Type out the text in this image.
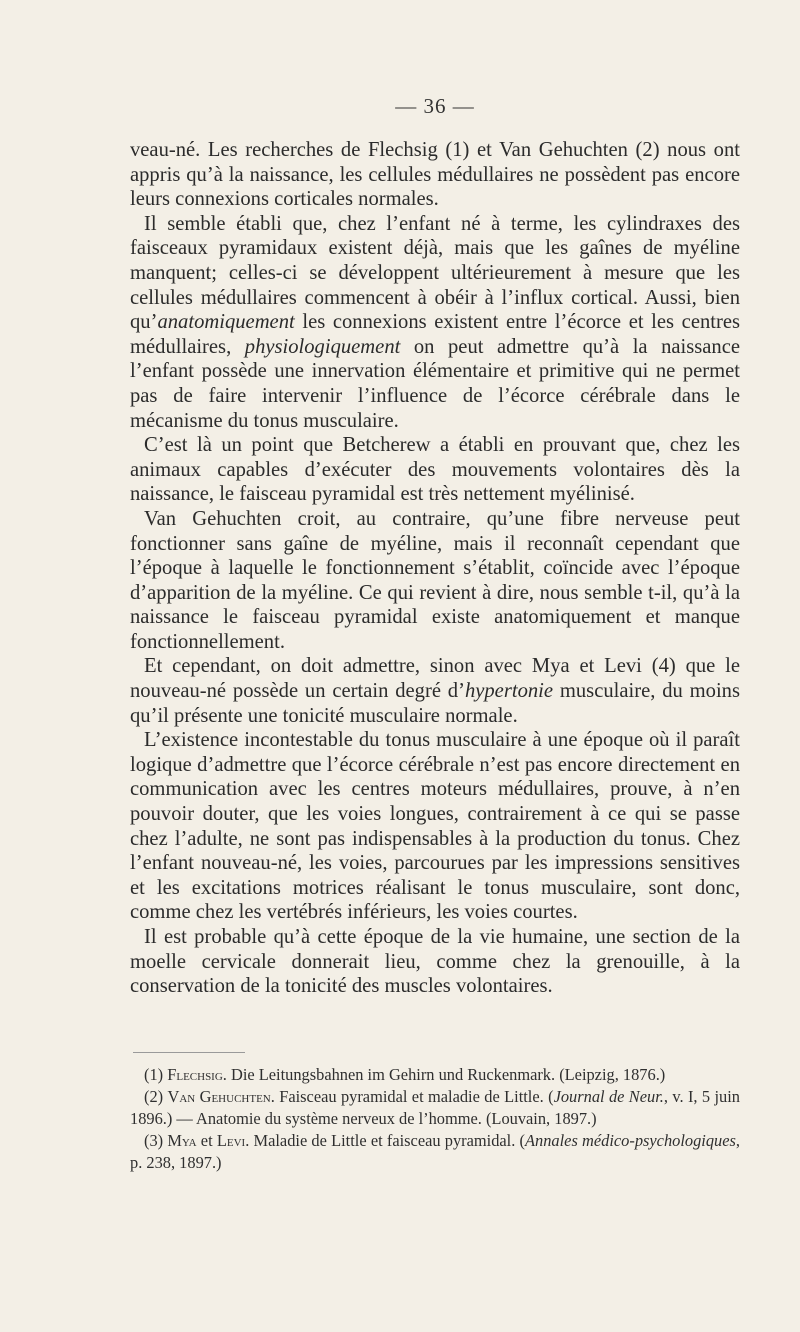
— 36 —

veau-né. Les recherches de Flechsig (1) et Van Gehuchten (2) nous ont appris qu’à la naissance, les cellules médullaires ne possèdent pas encore leurs connexions corticales normales.

Il semble établi que, chez l’enfant né à terme, les cylindraxes des faisceaux pyramidaux existent déjà, mais que les gaînes de myéline manquent; celles-ci se développent ultérieurement à mesure que les cellules médullaires commencent à obéir à l’influx cortical. Aussi, bien qu’anatomiquement les connexions existent entre l’écorce et les centres médullaires, physiologiquement on peut admettre qu’à la naissance l’enfant possède une innervation élémentaire et primitive qui ne permet pas de faire intervenir l’influence de l’écorce cérébrale dans le mécanisme du tonus musculaire.

C’est là un point que Betcherew a établi en prouvant que, chez les animaux capables d’exécuter des mouvements volontaires dès la naissance, le faisceau pyramidal est très nettement myélinisé.

Van Gehuchten croit, au contraire, qu’une fibre nerveuse peut fonctionner sans gaîne de myéline, mais il reconnaît cependant que l’époque à laquelle le fonctionnement s’établit, coïncide avec l’époque d’apparition de la myéline. Ce qui revient à dire, nous semble t-il, qu’à la naissance le faisceau pyramidal existe anatomiquement et manque fonctionnellement.

Et cependant, on doit admettre, sinon avec Mya et Levi (4) que le nouveau-né possède un certain degré d’hypertonie musculaire, du moins qu’il présente une tonicité musculaire normale.

L’existence incontestable du tonus musculaire à une époque où il paraît logique d’admettre que l’écorce cérébrale n’est pas encore directement en communication avec les centres moteurs médullaires, prouve, à n’en pouvoir douter, que les voies longues, contrairement à ce qui se passe chez l’adulte, ne sont pas indispensables à la production du tonus. Chez l’enfant nouveau-né, les voies, parcourues par les impressions sensitives et les excitations motrices réalisant le tonus musculaire, sont donc, comme chez les vertébrés inférieurs, les voies courtes.

Il est probable qu’à cette époque de la vie humaine, une section de la moelle cervicale donnerait lieu, comme chez la grenouille, à la conservation de la tonicité des muscles volontaires.

(1) Flechsig. Die Leitungsbahnen im Gehirn und Ruckenmark. (Leipzig, 1876.)

(2) Van Gehuchten. Faisceau pyramidal et maladie de Little. (Journal de Neur., v. I, 5 juin 1896.) — Anatomie du système nerveux de l’homme. (Louvain, 1897.)

(3) Mya et Levi. Maladie de Little et faisceau pyramidal. (Annales médico-psychologiques, p. 238, 1897.)
